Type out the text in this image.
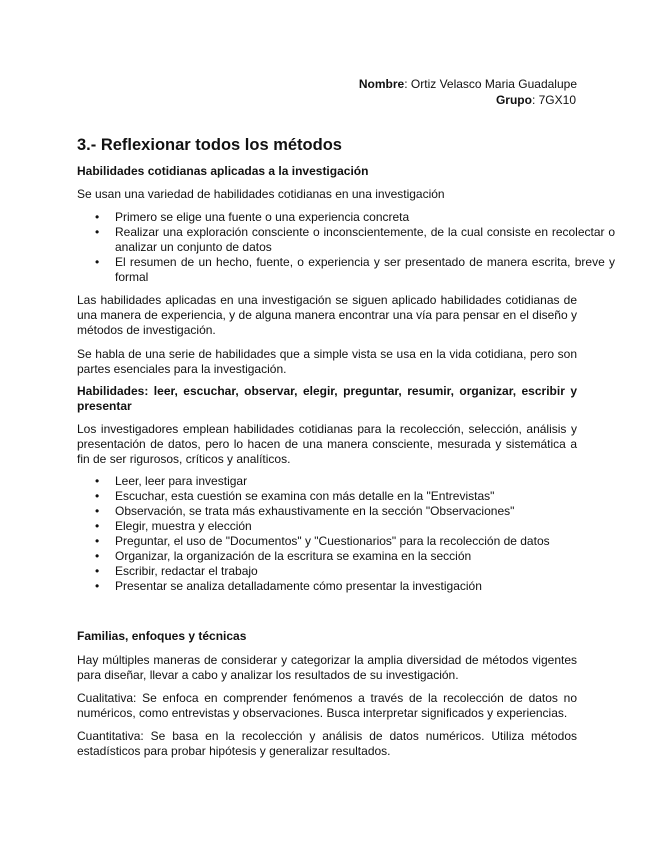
Nombre: Ortiz Velasco Maria Guadalupe
Grupo: 7GX10
3.- Reflexionar todos los métodos
Habilidades cotidianas aplicadas a la investigación

Se usan una variedad de habilidades cotidianas en una investigación

• Primero se elige una fuente o una experiencia concreta
• Realizar una exploración consciente o inconscientemente, de la cual consiste en recolectar o analizar un conjunto de datos
• El resumen de un hecho, fuente, o experiencia y ser presentado de manera escrita, breve y formal

Las habilidades aplicadas en una investigación se siguen aplicado habilidades cotidianas de una manera de experiencia, y de alguna manera encontrar una vía para pensar en el diseño y métodos de investigación.

Se habla de una serie de habilidades que a simple vista se usa en la vida cotidiana, pero son partes esenciales para la investigación.

Habilidades: leer, escuchar, observar, elegir, preguntar, resumir, organizar, escribir y presentar

Los investigadores emplean habilidades cotidianas para la recolección, selección, análisis y presentación de datos, pero lo hacen de una manera consciente, mesurada y sistemática a fin de ser rigurosos, críticos y analíticos.

• Leer, leer para investigar
• Escuchar, esta cuestión se examina con más detalle en la "Entrevistas"
• Observación, se trata más exhaustivamente en la sección "Observaciones"
• Elegir, muestra y elección
• Preguntar, el uso de "Documentos" y "Cuestionarios" para la recolección de datos
• Organizar, la organización de la escritura se examina en la sección
• Escribir, redactar el trabajo
• Presentar se analiza detalladamente cómo presentar la investigación
Familias, enfoques y técnicas

Hay múltiples maneras de considerar y categorizar la amplia diversidad de métodos vigentes para diseñar, llevar a cabo y analizar los resultados de su investigación.

Cualitativa: Se enfoca en comprender fenómenos a través de la recolección de datos no numéricos, como entrevistas y observaciones. Busca interpretar significados y experiencias.

Cuantitativa: Se basa en la recolección y análisis de datos numéricos. Utiliza métodos estadísticos para probar hipótesis y generalizar resultados.
